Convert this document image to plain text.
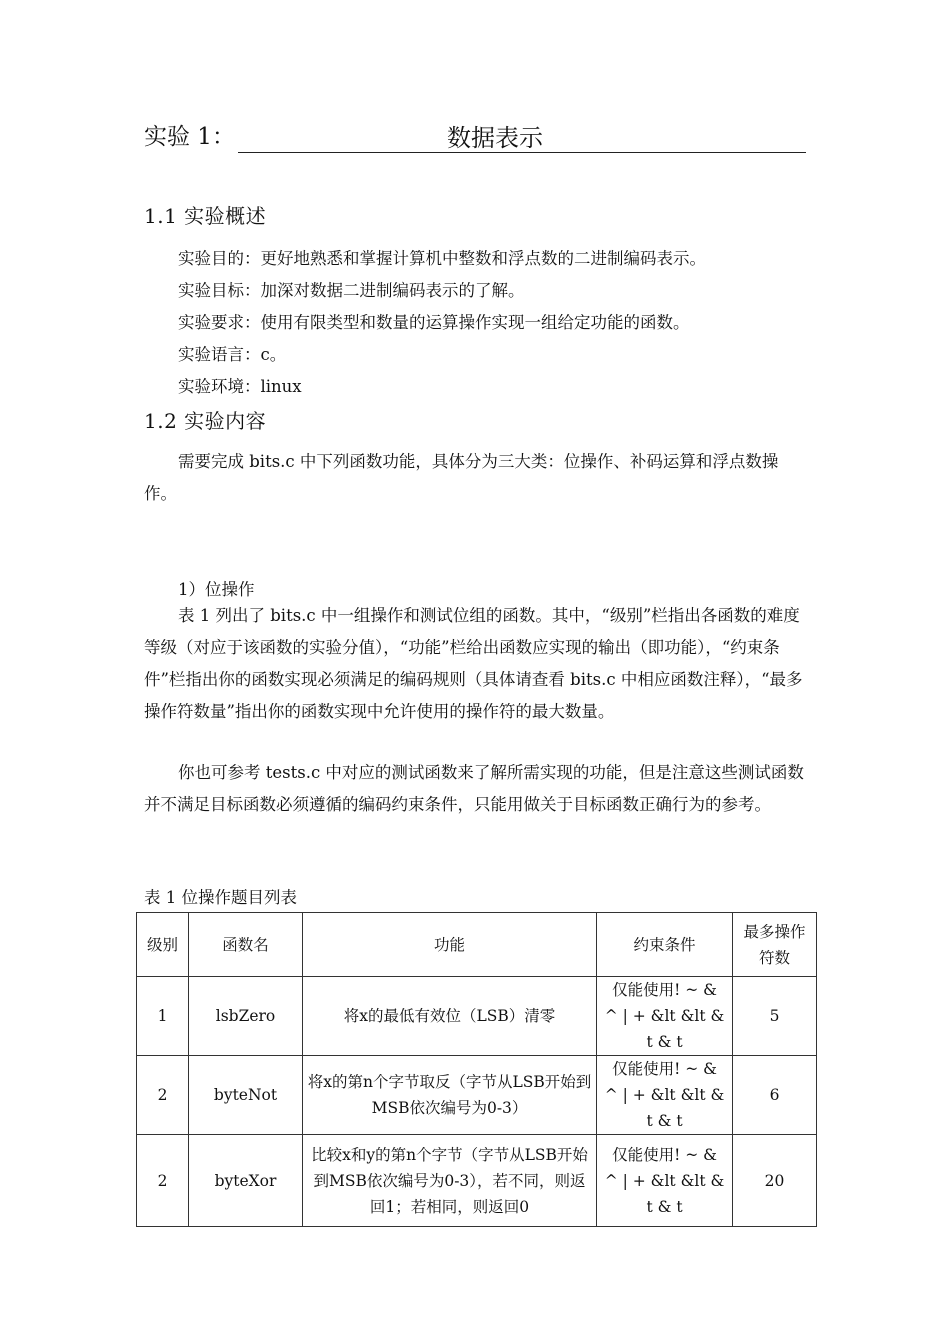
实验 1：	数据表示
1.1 实验概述
实验目的：更好地熟悉和掌握计算机中整数和浮点数的二进制编码表示。
实验目标：加深对数据二进制编码表示的了解。
实验要求：使用有限类型和数量的运算操作实现一组给定功能的函数。
实验语言：c。
实验环境：linux
1.2 实验内容
需要完成 bits.c 中下列函数功能，具体分为三大类：位操作、补码运算和浮点数操作。
1）位操作
表 1 列出了 bits.c 中一组操作和测试位组的函数。其中，“级别”栏指出各函数的难度等级（对应于该函数的实验分值），“功能”栏给出函数应实现的输出（即功能），“约束条件”栏指出你的函数实现必须满足的编码规则（具体请查看 bits.c 中相应函数注释），“最多操作符数量”指出你的函数实现中允许使用的操作符的最大数量。
你也可参考 tests.c 中对应的测试函数来了解所需实现的功能，但是注意这些测试函数并不满足目标函数必须遵循的编码约束条件，只能用做关于目标函数正确行为的参考。
表 1 位操作题目列表
级别	函数名	功能	约束条件	最多操作符数
1	lsbZero	将x的最低有效位（LSB）清零	仅能使用! ~ &
^ | + &lt &lt & t & t	5
2	byteNot	将x的第n个字节取反（字节从LSB开始到MSB依次编号为0-3）	仅能使用! ~ &
^ | + &lt &lt & t & t	6
2	byteXor	比较x和y的第n个字节（字节从LSB开始到MSB依次编号为0-3），若不同，则返回1；若相同，则返回0	仅能使用! ~ &
^ | + &lt &lt & t & t	20
